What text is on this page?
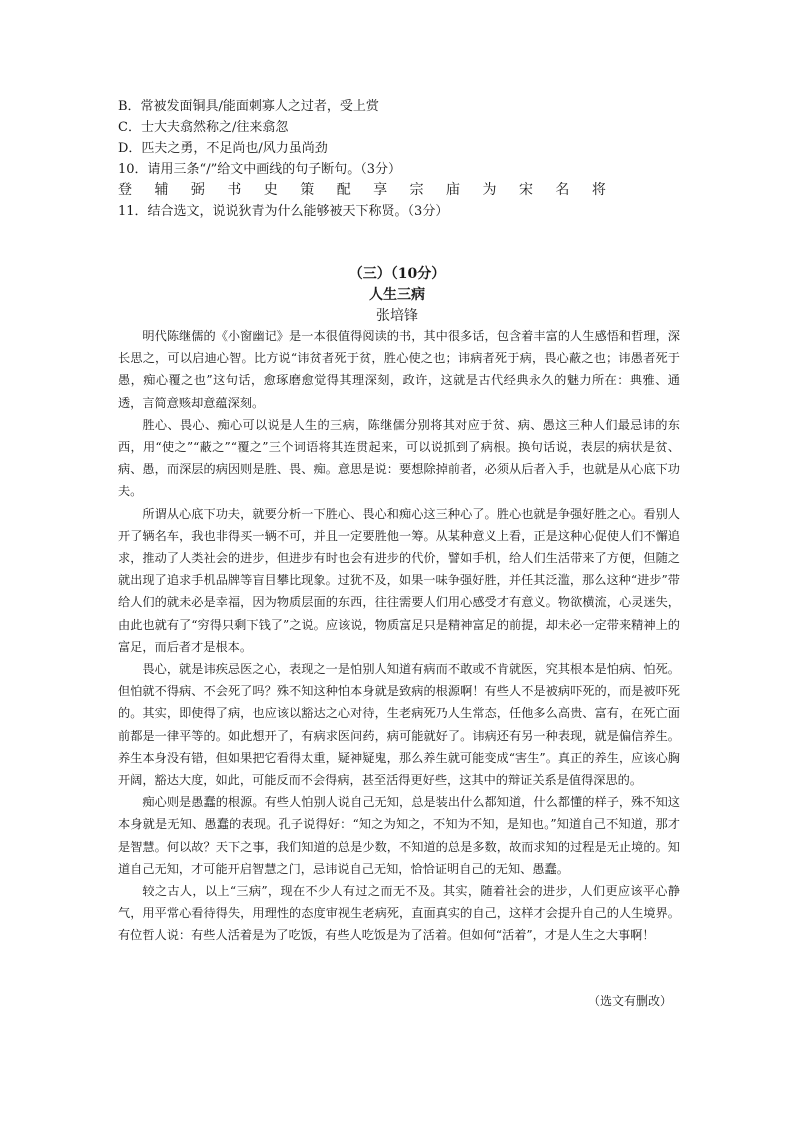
B．常被发面铜具/能面刺寡人之过者，受上赏
C．士大夫翕然称之/往来翕忽
D．匹夫之勇，不足尚也/风力虽尚劲
10．请用三条“/”给文中画线的句子断句。（3分）
登 辅 弼 书 史 策 配 享 宗 庙 为 宋 名 将
11．结合选文，说说狄青为什么能够被天下称贤。（3分）
（三）（10分）
人生三病
张培锋

明代陈继儒的《小窗幽记》是一本很值得阅读的书，其中很多话，包含着丰富的人生感悟和哲理，深长思之，可以启迪心智。比方说“讳贫者死于贫，胜心使之也；讳病者死于病，畏心蔽之也；讳愚者死于愚，痴心覆之也”这句话，愈琢磨愈觉得其理深刻，政许，这就是古代经典永久的魅力所在：典雅、通透，言简意赅却意蕴深刻。

胜心、畏心、痴心可以说是人生的三病，陈继儒分别将其对应于贫、病、愚这三种人们最忌讳的东西，用“使之”“蔽之”“覆之”三个词语将其连贯起来，可以说抓到了病根。换句话说，表层的病状是贫、病、愚，而深层的病因则是胜、畏、痴。意思是说：要想除掉前者，必须从后者入手，也就是从心底下功夫。

所谓从心底下功夫，就要分析一下胜心、畏心和痴心这三种心了。胜心也就是争强好胜之心。看别人开了辆名车，我也非得买一辆不可，并且一定要胜他一筹。从某种意义上看，正是这种心促使人们不懈追求，推动了人类社会的进步，但进步有时也会有进步的代价，譬如手机，给人们生活带来了方便，但随之就出现了追求手机品牌等盲目攀比现象。过犹不及，如果一味争强好胜，并任其泛滥，那么这种“进步”带给人们的就未必是幸福，因为物质层面的东西，往往需要人们用心感受才有意义。物欲横流，心灵迷失，由此也就有了“穷得只剩下钱了”之说。应该说，物质富足只是精神富足的前提，却未必一定带来精神上的富足，而后者才是根本。

畏心，就是讳疾忌医之心，表现之一是怕别人知道有病而不敢或不肯就医，究其根本是怕病、怕死。但怕就不得病、不会死了吗？殊不知这种怕本身就是致病的根源啊！有些人不是被病吓死的，而是被吓死的。其实，即使得了病，也应该以豁达之心对待，生老病死乃人生常态，任他多么高贵、富有，在死亡面前都是一律平等的。如此想开了，有病求医问药，病可能就好了。讳病还有另一种表现，就是偏信养生。养生本身没有错，但如果把它看得太重，疑神疑鬼，那么养生就可能变成“害生”。真正的养生，应该心胸开阔，豁达大度，如此，可能反而不会得病，甚至活得更好些，这其中的辩证关系是值得深思的。

痴心则是愚蠢的根源。有些人怕别人说自己无知，总是装出什么都知道，什么都懂的样子，殊不知这本身就是无知、愚蠢的表现。孔子说得好：“知之为知之，不知为不知，是知也。”知道自己不知道，那才是智慧。何以故？天下之事，我们知道的总是少数，不知道的总是多数，故而求知的过程是无止境的。知道自己无知，才可能开启智慧之门，忌讳说自己无知，恰恰证明自己的无知、愚蠢。

较之古人，以上“三病”，现在不少人有过之而无不及。其实，随着社会的进步，人们更应该平心静气，用平常心看待得失，用理性的态度审视生老病死，直面真实的自己，这样才会提升自己的人生境界。有位哲人说：有些人活着是为了吃饭，有些人吃饭是为了活着。但如何“活着”，才是人生之大事啊！

（选文有删改）
